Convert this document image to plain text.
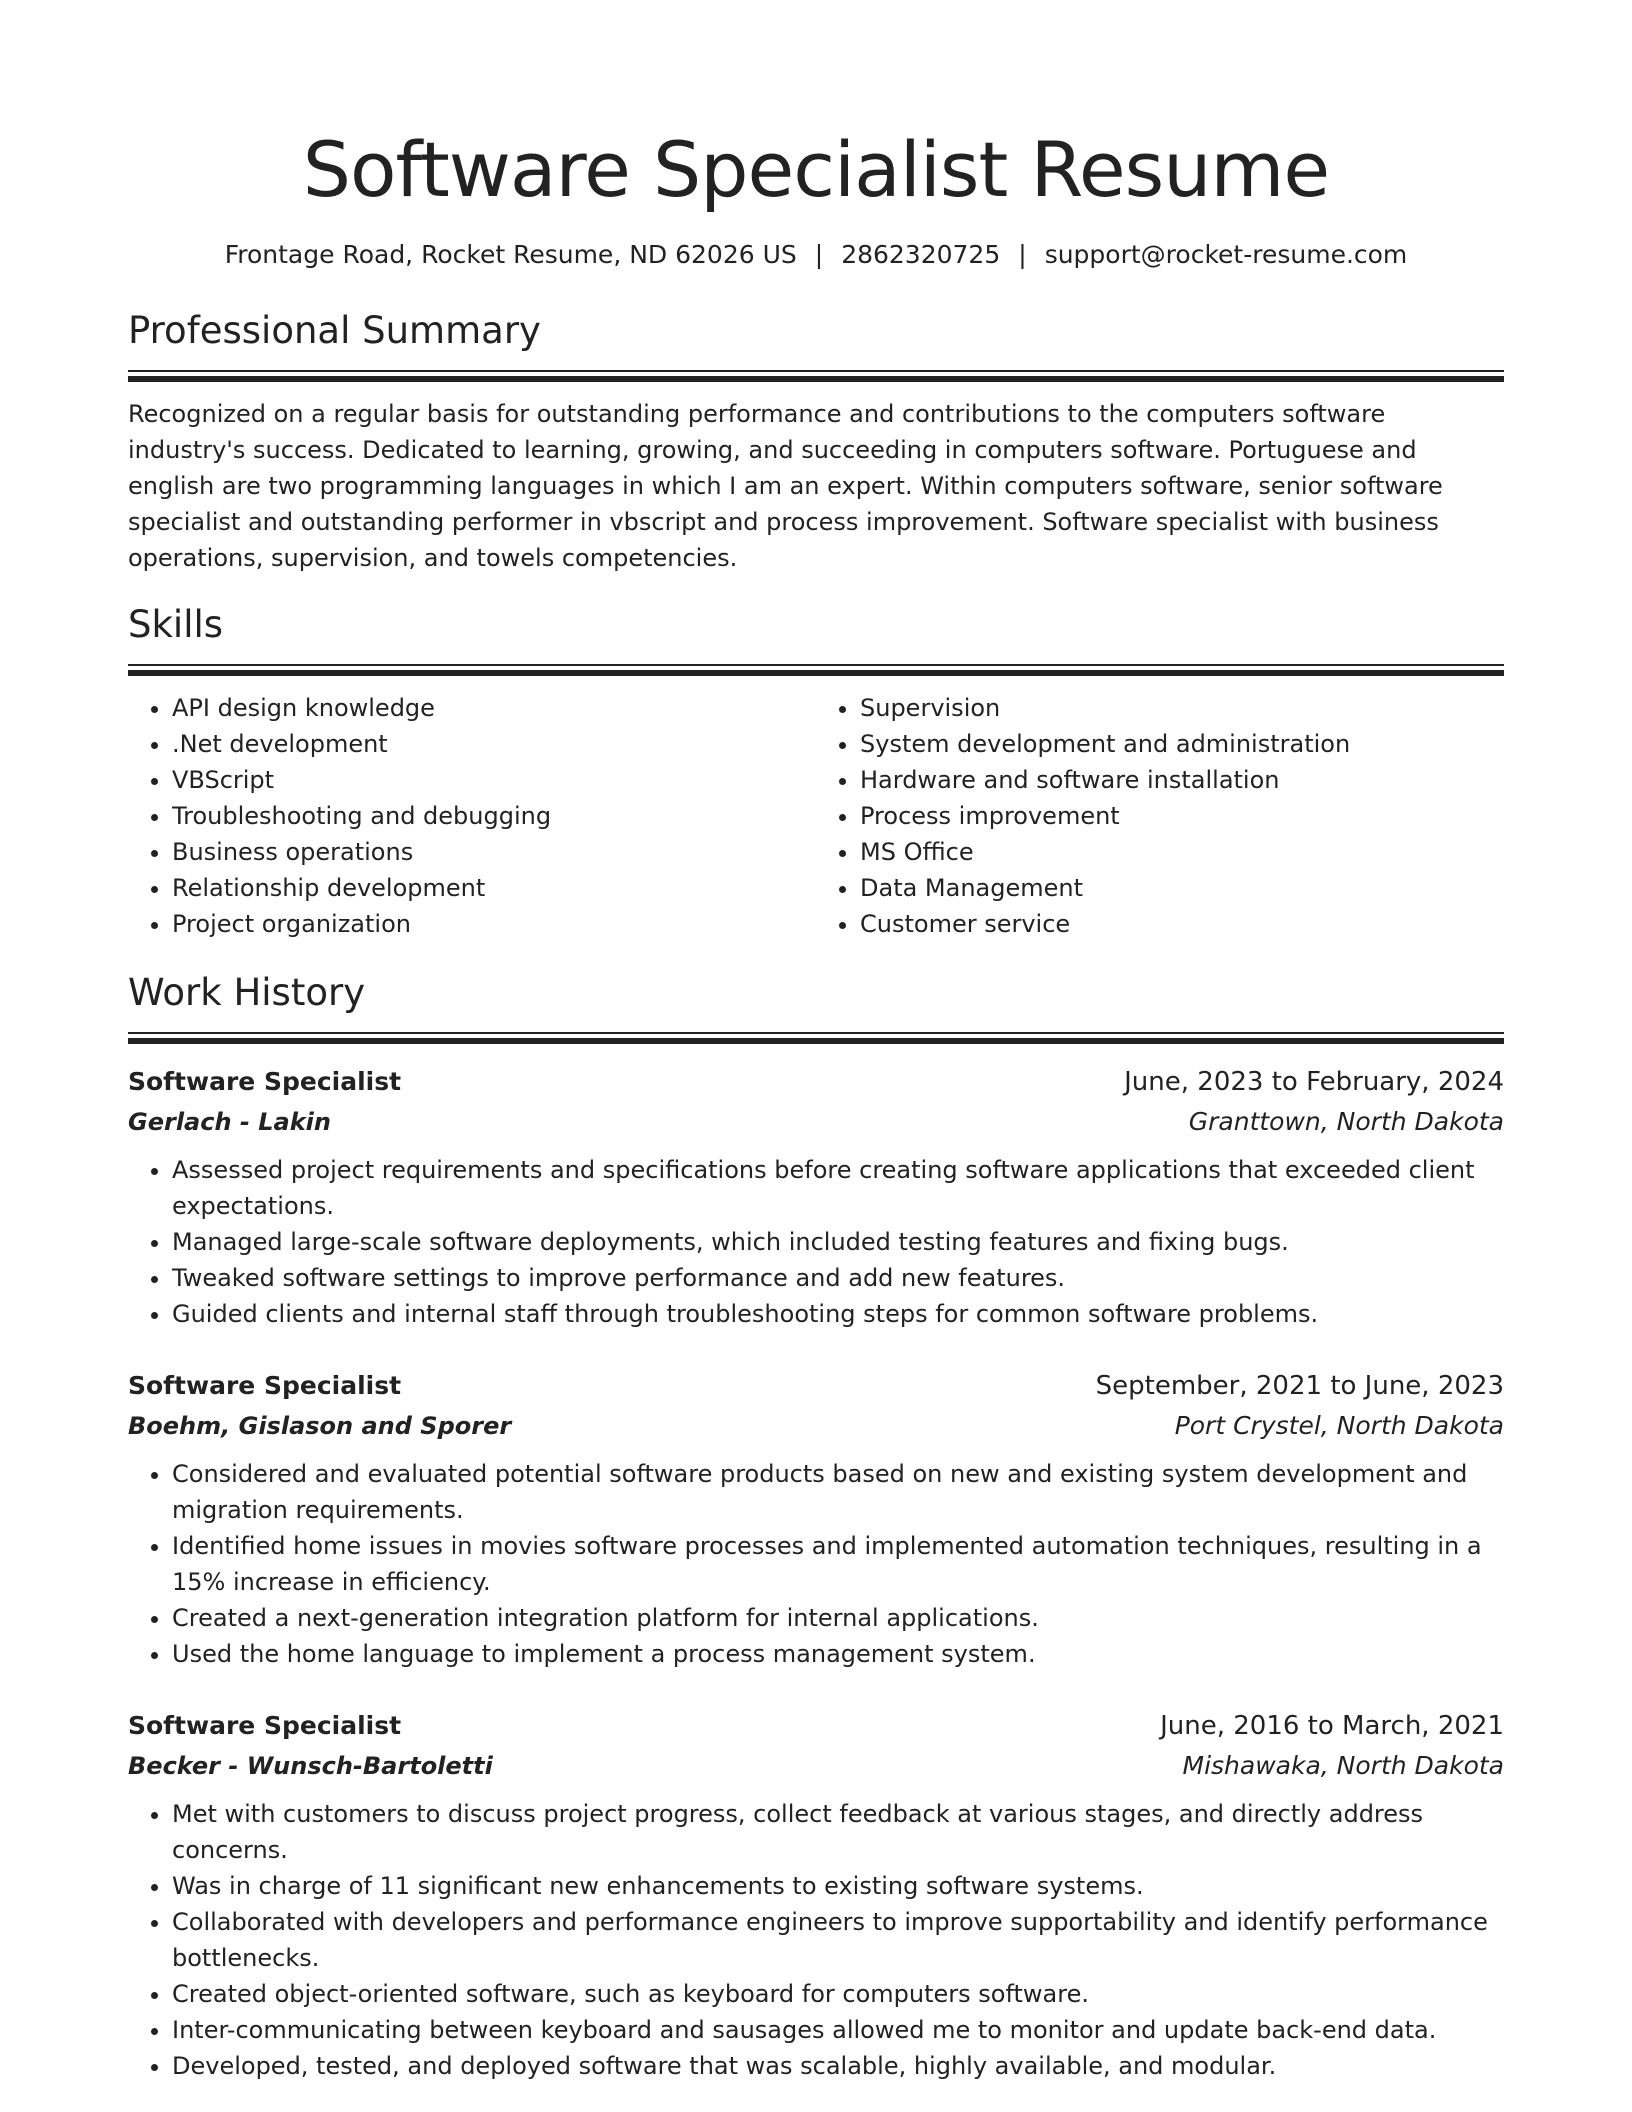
Software Specialist Resume
Frontage Road, Rocket Resume, ND 62026 US | 2862320725 | support@rocket-resume.com
Professional Summary

Recognized on a regular basis for outstanding performance and contributions to the computers software industry's success. Dedicated to learning, growing, and succeeding in computers software. Portuguese and english are two programming languages in which I am an expert. Within computers software, senior software specialist and outstanding performer in vbscript and process improvement. Software specialist with business operations, supervision, and towels competencies.

Skills
• API design knowledge
• .Net development
• VBScript
• Troubleshooting and debugging
• Business operations
• Relationship development
• Project organization
• Supervision
• System development and administration
• Hardware and software installation
• Process improvement
• MS Office
• Data Management
• Customer service
Work History
Software Specialist	June, 2023 to February, 2024
Gerlach - Lakin	Granttown, North Dakota
• Assessed project requirements and specifications before creating software applications that exceeded client expectations.
• Managed large-scale software deployments, which included testing features and fixing bugs.
• Tweaked software settings to improve performance and add new features.
• Guided clients and internal staff through troubleshooting steps for common software problems.
Software Specialist	September, 2021 to June, 2023
Boehm, Gislason and Sporer	Port Crystel, North Dakota
• Considered and evaluated potential software products based on new and existing system development and migration requirements.
• Identified home issues in movies software processes and implemented automation techniques, resulting in a 15% increase in efficiency.
• Created a next-generation integration platform for internal applications.
• Used the home language to implement a process management system.
Software Specialist	June, 2016 to March, 2021
Becker - Wunsch-Bartoletti	Mishawaka, North Dakota
• Met with customers to discuss project progress, collect feedback at various stages, and directly address concerns.
• Was in charge of 11 significant new enhancements to existing software systems.
• Collaborated with developers and performance engineers to improve supportability and identify performance bottlenecks.
• Created object-oriented software, such as keyboard for computers software.
• Inter-communicating between keyboard and sausages allowed me to monitor and update back-end data.
• Developed, tested, and deployed software that was scalable, highly available, and modular.
